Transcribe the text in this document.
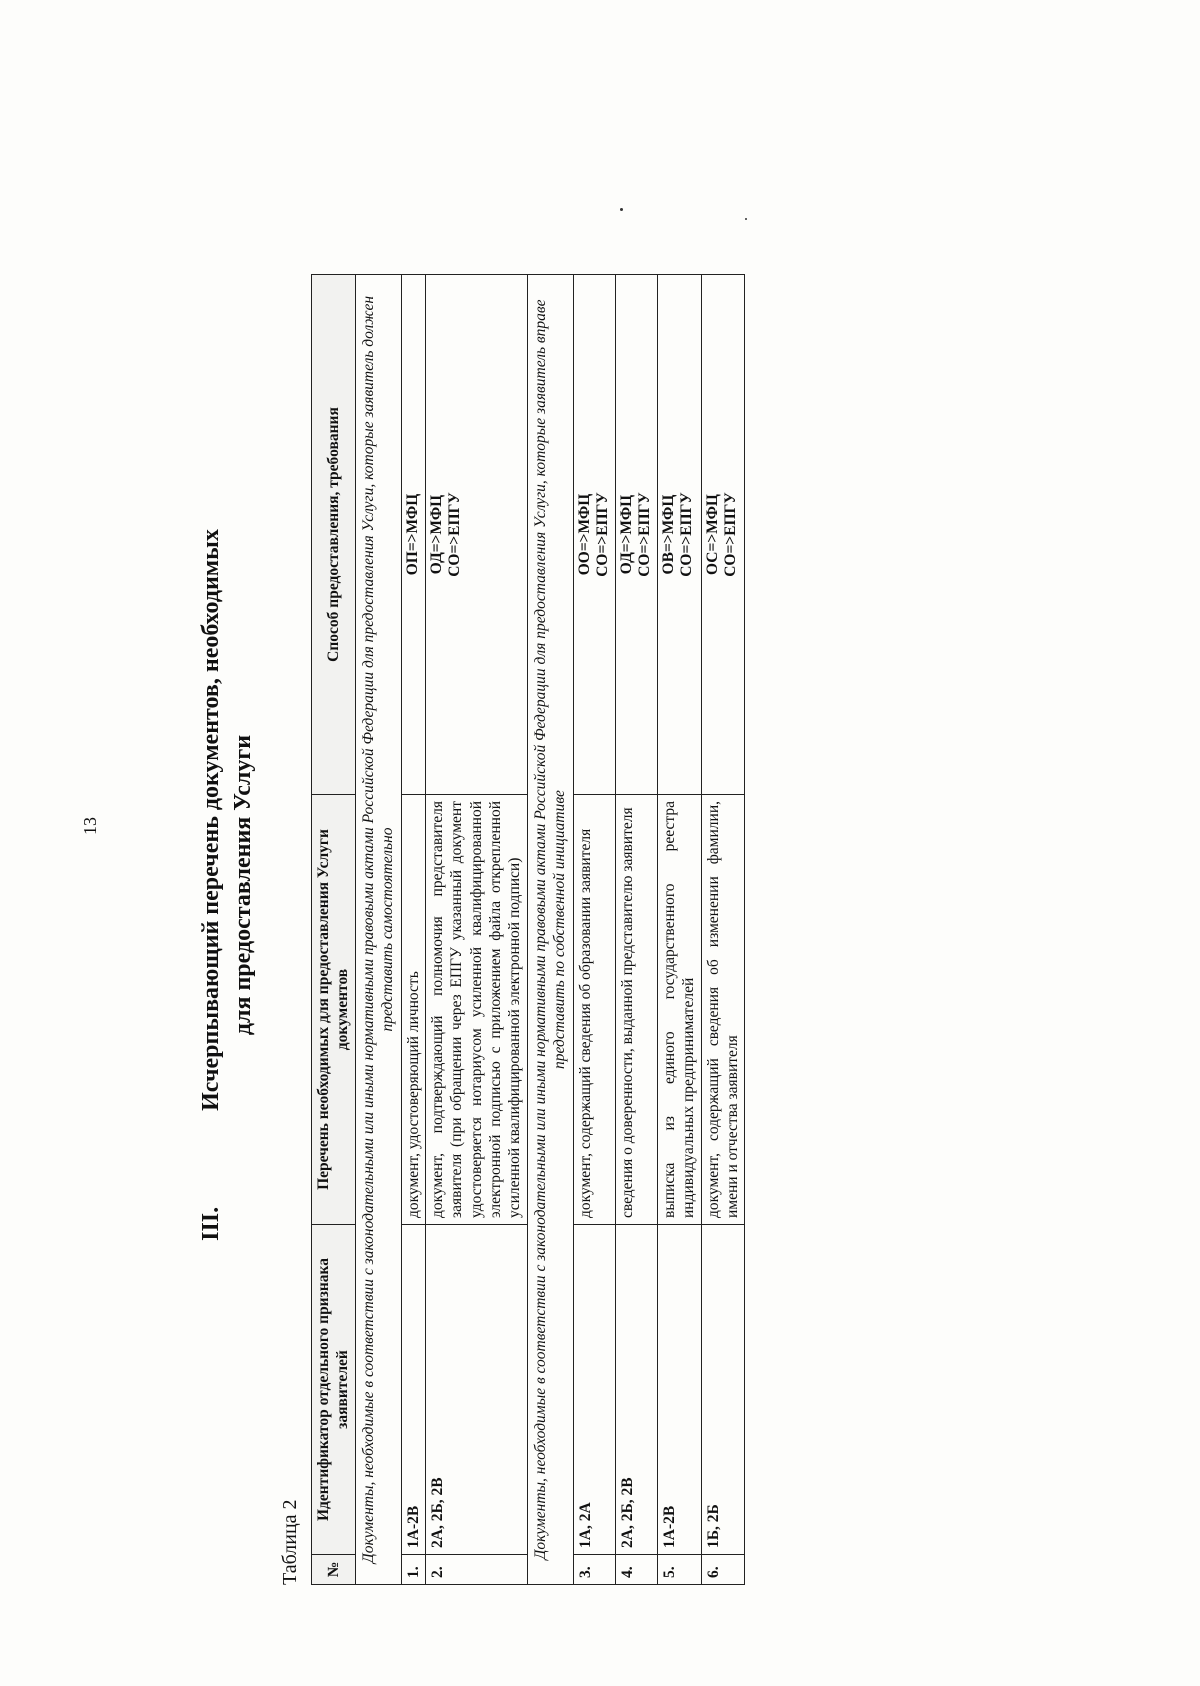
13
III. Исчерпывающий перечень документов, необходимых для предоставления Услуги
Таблица 2	№	Идентификатор отдельного признака заявителей	Перечень необходимых для предоставления Услуги документов	Способ предоставления, требования
Документы, необходимые в соответствии с законодательными или иными нормативными правовыми актами Российской Федерации для предоставления Услуги, которые заявитель должен представить самостоятельно			
1.	1А-2В	документ, удостоверяющий личность	ОП=>МФЦ

2.	2А, 2Б, 2В	документ, подтверждающий полномочия представителя заявителя (при обращении через ЕПГУ указанный документ удостоверяется нотариусом усиленной квалифицированной электронной подписью с приложением файла открепленной усиленной квалифицированной электронной подписи)	ОД=>МФЦ СО=>ЕПГУ

Документы, необходимые в соответствии с законодательными или иными нормативными правовыми актами Российской Федерации для предоставления Услуги, которые заявитель вправе представить по собственной инициативе			
3.	1А, 2А	документ, содержащий сведения об образовании заявителя	ОО=>МФЦ СО=>ЕПГУ

4.	2А, 2Б, 2В	сведения о доверенности, выданной представителю заявителя	ОД=>МФЦ СО=>ЕПГУ

5.	1А-2В	выписка из единого государственного реестра индивидуальных предпринимателей	ОВ=>МФЦ СО=>ЕПГУ

6.	1Б, 2Б	документ, содержащий сведения об изменении фамилии, имени и отчества заявителя	ОС=>МФЦ СО=>ЕПГУ
